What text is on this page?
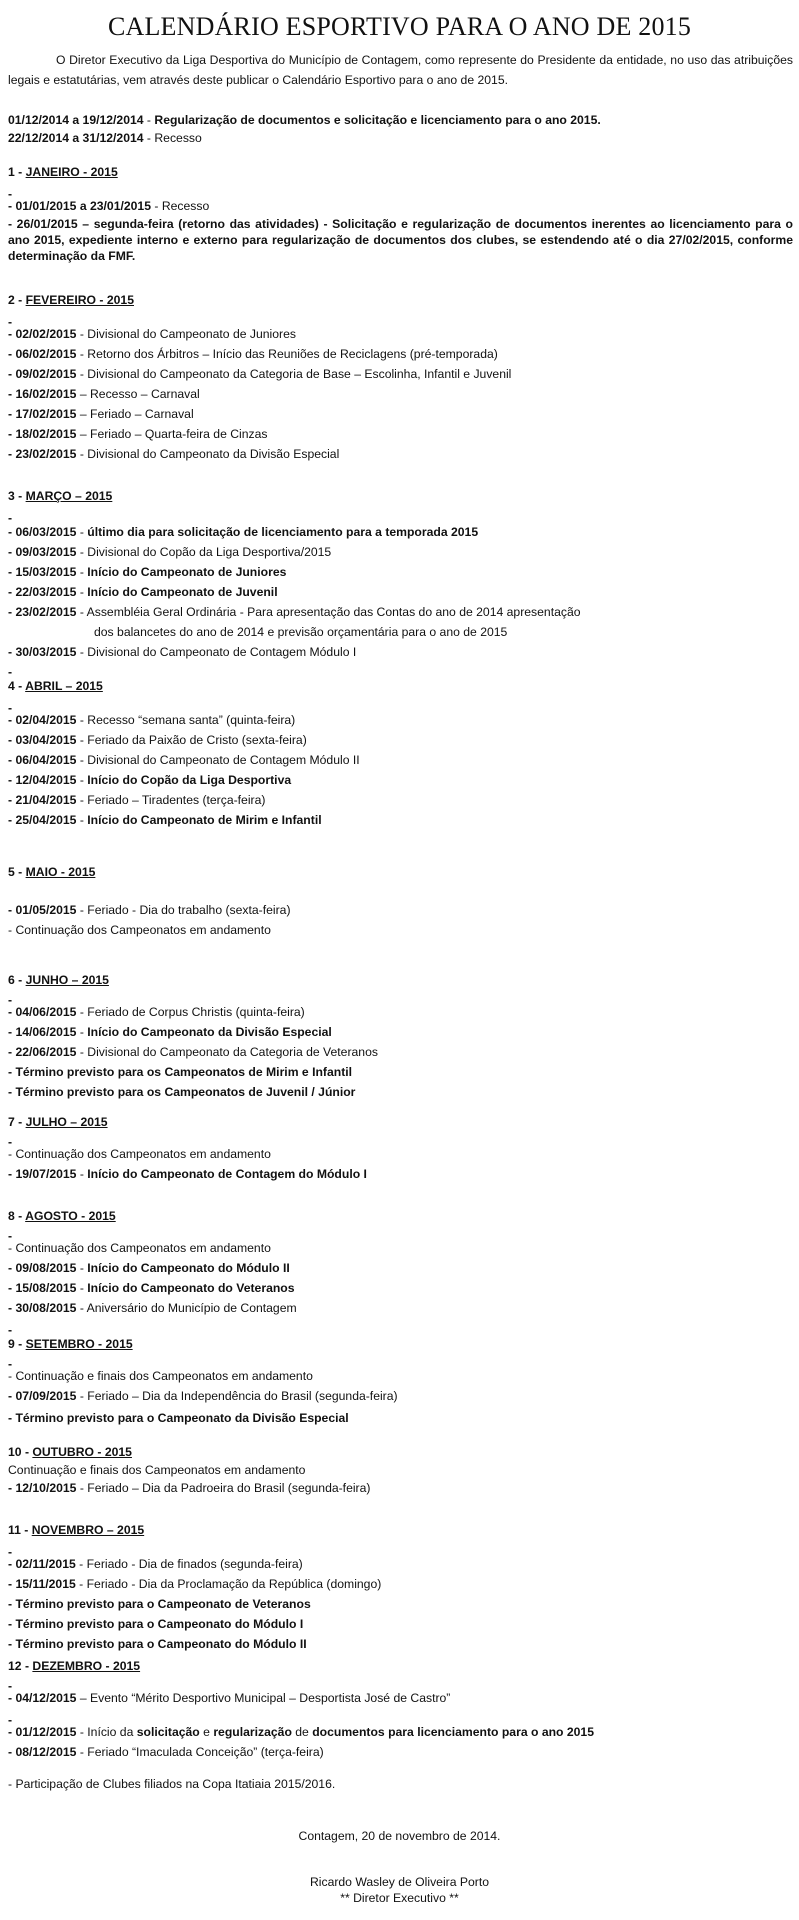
CALENDÁRIO ESPORTIVO PARA O ANO DE 2015
O Diretor Executivo da Liga Desportiva do Município de Contagem, como represente do Presidente da entidade, no uso das atribuições legais e estatutárias, vem através deste publicar o Calendário Esportivo para o ano de 2015.
01/12/2014 a 19/12/2014 - Regularização de documentos e solicitação e licenciamento para o ano 2015.
22/12/2014 a 31/12/2014 - Recesso
1 - JANEIRO - 2015
-
- 01/01/2015 a 23/01/2015 - Recesso
- 26/01/2015 – segunda-feira (retorno das atividades) - Solicitação e regularização de documentos inerentes ao licenciamento para o ano 2015, expediente interno e externo para regularização de documentos dos clubes, se estendendo até o dia 27/02/2015, conforme determinação da FMF.
2 - FEVEREIRO - 2015
-
- 02/02/2015 - Divisional do Campeonato de Juniores
- 06/02/2015 - Retorno dos Árbitros – Início das Reuniões de Reciclagens (pré-temporada)
- 09/02/2015 - Divisional do Campeonato da Categoria de Base – Escolinha, Infantil e Juvenil
- 16/02/2015 – Recesso – Carnaval
- 17/02/2015 – Feriado – Carnaval
- 18/02/2015 – Feriado – Quarta-feira de Cinzas
- 23/02/2015 - Divisional do Campeonato da Divisão Especial
3 - MARÇO – 2015
-
- 06/03/2015 - último dia para solicitação de licenciamento para a temporada 2015
- 09/03/2015 - Divisional do Copão da Liga Desportiva/2015
- 15/03/2015 - Início do Campeonato de Juniores
- 22/03/2015 - Início do Campeonato de Juvenil
- 23/02/2015 - Assembléia Geral Ordinária - Para apresentação das Contas do ano de 2014 apresentação
dos balancetes do ano de 2014 e previsão orçamentária para o ano de 2015
- 30/03/2015 - Divisional do Campeonato de Contagem Módulo I
-
4 - ABRIL – 2015
-
- 02/04/2015 - Recesso “semana santa” (quinta-feira)
- 03/04/2015 - Feriado da Paixão de Cristo (sexta-feira)
- 06/04/2015 - Divisional do Campeonato de Contagem Módulo II
- 12/04/2015 - Início do Copão da Liga Desportiva
- 21/04/2015 - Feriado – Tiradentes (terça-feira)
- 25/04/2015 - Início do Campeonato de Mirim e Infantil
5 - MAIO - 2015
- 01/05/2015 - Feriado - Dia do trabalho (sexta-feira)
- Continuação dos Campeonatos em andamento
6 - JUNHO – 2015
-
- 04/06/2015 - Feriado de Corpus Christis (quinta-feira)
- 14/06/2015 - Início do Campeonato da Divisão Especial
- 22/06/2015 - Divisional do Campeonato da Categoria de Veteranos
- Término previsto para os Campeonatos de Mirim e Infantil
- Término previsto para os Campeonatos de Juvenil / Júnior
7 - JULHO – 2015
-
- Continuação dos Campeonatos em andamento
- 19/07/2015 - Início do Campeonato de Contagem do Módulo I
8 - AGOSTO - 2015
-
- Continuação dos Campeonatos em andamento
- 09/08/2015 - Início do Campeonato do Módulo II
- 15/08/2015 - Início do Campeonato do Veteranos
- 30/08/2015 - Aniversário do Município de Contagem
-
9 - SETEMBRO - 2015
-
- Continuação e finais dos Campeonatos em andamento
- 07/09/2015 - Feriado – Dia da Independência do Brasil (segunda-feira)
- Término previsto para o Campeonato da Divisão Especial
10 - OUTUBRO - 2015
Continuação e finais dos Campeonatos em andamento
- 12/10/2015 - Feriado – Dia da Padroeira do Brasil (segunda-feira)
11 - NOVEMBRO – 2015
-
- 02/11/2015 - Feriado - Dia de finados (segunda-feira)
- 15/11/2015 - Feriado - Dia da Proclamação da República (domingo)
- Término previsto para o Campeonato de Veteranos
- Término previsto para o Campeonato do Módulo I
- Término previsto para o Campeonato do Módulo II
12 - DEZEMBRO - 2015
-
- 04/12/2015 – Evento “Mérito Desportivo Municipal – Desportista José de Castro”
-
- 01/12/2015 - Início da solicitação e regularização de documentos para licenciamento para o ano 2015
- 08/12/2015 - Feriado “Imaculada Conceição” (terça-feira)
- Participação de Clubes filiados na Copa Itatiaia 2015/2016.
Contagem, 20 de novembro de 2014.
Ricardo Wasley de Oliveira Porto
** Diretor Executivo **
